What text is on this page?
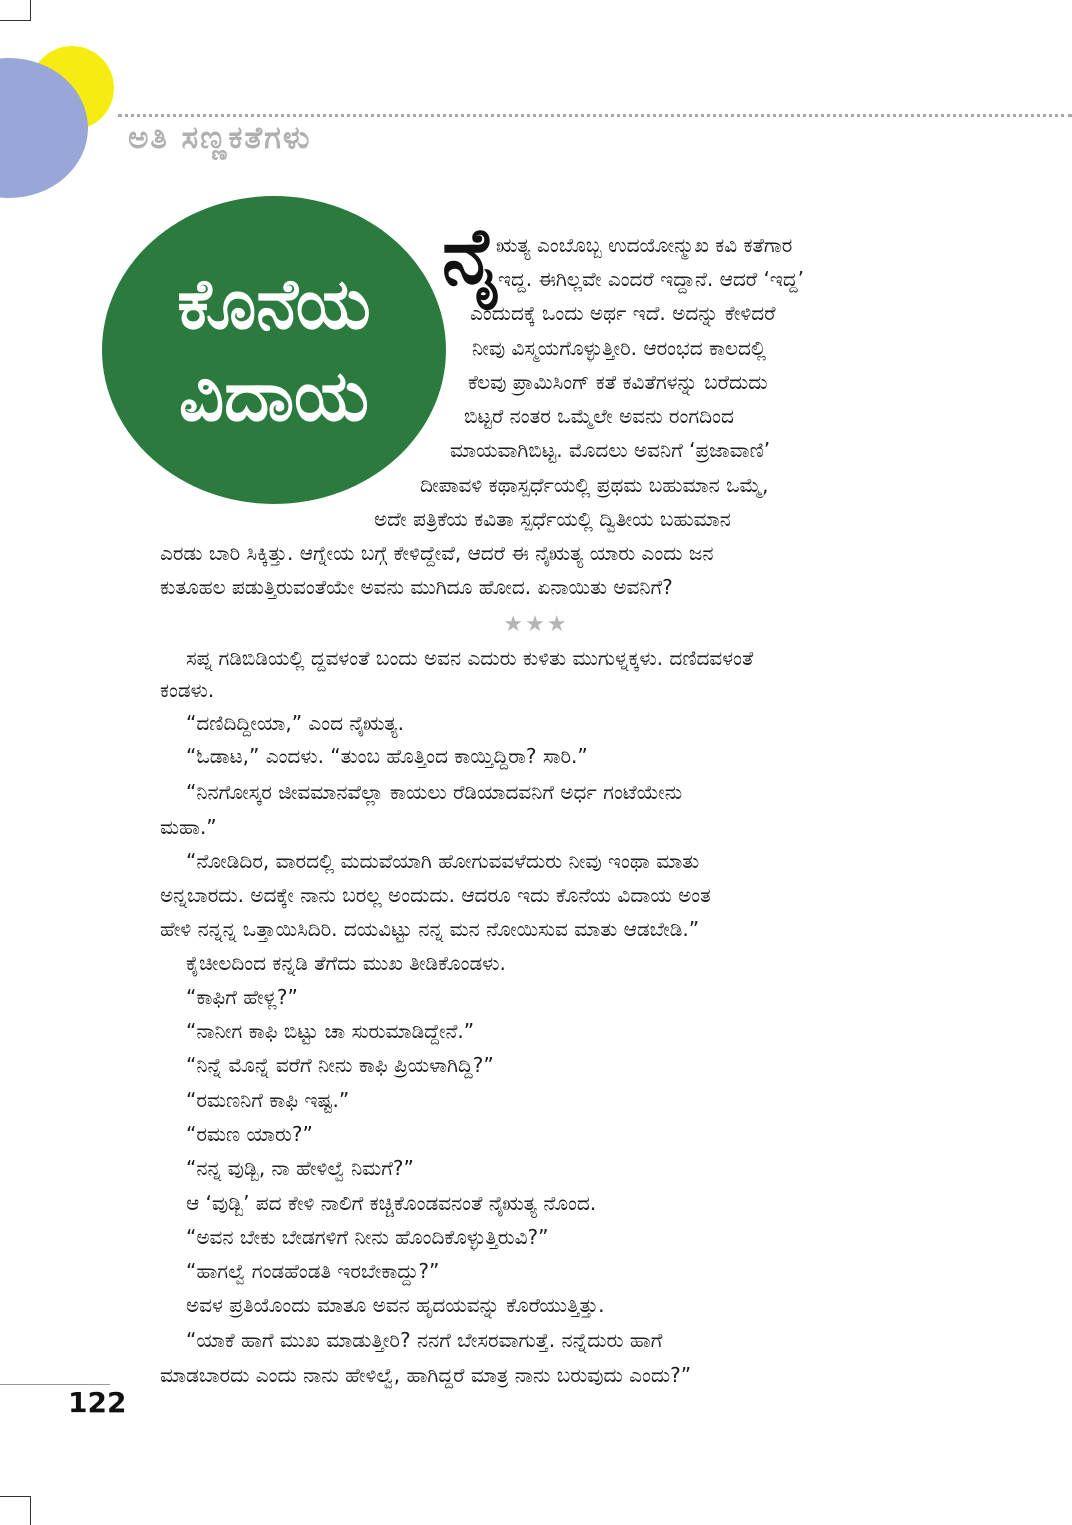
ಅತಿ ಸಣ್ಣಕತೆಗಳು
ಕೊನೆಯ
ವಿದಾಯ
ನೈ
ಋತ್ಯ ಎಂಬೊಬ್ಬ ಉದಯೋನ್ಮುಖ ಕವಿ ಕತೆಗಾರ
ಇದ್ದ. ಈಗಿಲ್ಲವೇ ಎಂದರೆ ಇದ್ದಾನೆ. ಆದರೆ ‘ಇದ್ದ’
ಎಂದುದಕ್ಕೆ ಒಂದು ಅರ್ಥ ಇದೆ. ಅದನ್ನು ಕೇಳಿದರೆ
ನೀವು ವಿಸ್ಮಯಗೊಳ್ಳುತ್ತೀರಿ. ಆರಂಭದ ಕಾಲದಲ್ಲಿ
ಕೆಲವು ಪ್ರಾಮಿಸಿಂಗ್ ಕತೆ ಕವಿತೆಗಳನ್ನು ಬರೆದುದು
ಬಿಟ್ಟರೆ ನಂತರ ಒಮ್ಮೆಲೇ ಅವನು ರಂಗದಿಂದ
ಮಾಯವಾಗಿಬಿಟ್ಟ. ಮೊದಲು ಅವನಿಗೆ ‘ಪ್ರಜಾವಾಣಿ’
ದೀಪಾವಳಿ ಕಥಾಸ್ಪರ್ಧೆಯಲ್ಲಿ ಪ್ರಥಮ ಬಹುಮಾನ ಒಮ್ಮೆ,
ಅದೇ ಪತ್ರಿಕೆಯ ಕವಿತಾ ಸ್ಪರ್ಧೆಯಲ್ಲಿ ದ್ವಿತೀಯ ಬಹುಮಾನ
ಎರಡು ಬಾರಿ ಸಿಕ್ಕಿತ್ತು. ಆಗ್ನೇಯ ಬಗ್ಗೆ ಕೇಳಿದ್ದೇವೆ, ಆದರೆ ಈ ನೈಋತ್ಯ ಯಾರು ಎಂದು ಜನ
ಕುತೂಹಲ ಪಡುತ್ತಿರುವಂತೆಯೇ ಅವನು ಮುಗಿದೂ ಹೋದ. ಏನಾಯಿತು ಅವನಿಗೆ?
★★★
ಸಪ್ನ ಗಡಿಬಿಡಿಯಲ್ಲಿ ದ್ದವಳಂತೆ ಬಂದು ಅವನ ಎದುರು ಕುಳಿತು ಮುಗುಳ್ನಕ್ಕಳು. ದಣಿದವಳಂತೆ
ಕಂಡಳು.
“ದಣಿದಿದ್ದೀಯಾ,” ಎಂದ ನೈಋತ್ಯ.
“ಓಡಾಟ,” ಎಂದಳು. “ತುಂಬ ಹೊತ್ತಿಂದ ಕಾಯ್ತಿದ್ದಿರಾ? ಸಾರಿ.”
“ನಿನಗೋಸ್ಕರ ಜೀವಮಾನವೆಲ್ಲಾ ಕಾಯಲು ರೆಡಿಯಾದವನಿಗೆ ಅರ್ಧ ಗಂಟೆಯೇನು
ಮಹಾ.”
“ನೋಡಿದಿರ, ವಾರದಲ್ಲಿ ಮದುವೆಯಾಗಿ ಹೋಗುವವಳೆದುರು ನೀವು ಇಂಥಾ ಮಾತು
ಅನ್ನಬಾರದು. ಅದಕ್ಕೇ ನಾನು ಬರಲ್ಲ ಅಂದುದು. ಆದರೂ ಇದು ಕೊನೆಯ ವಿದಾಯ ಅಂತ
ಹೇಳಿ ನನ್ನನ್ನ ಒತ್ತಾಯಿಸಿದಿರಿ. ದಯವಿಟ್ಟು ನನ್ನ ಮನ ನೋಯಿಸುವ ಮಾತು ಆಡಬೇಡಿ.”
ಕೈಚೀಲದಿಂದ ಕನ್ನಡಿ ತೆಗೆದು ಮುಖ ತೀಡಿಕೊಂಡಳು.
“ಕಾಫಿಗೆ ಹೇಳ್ಲ?”
“ನಾನೀಗ ಕಾಫಿ ಬಿಟ್ಟು ಚಾ ಸುರುಮಾಡಿದ್ದೇನೆ.”
“ನಿನ್ನೆ ಮೊನ್ನೆ ವರೆಗೆ ನೀನು ಕಾಫಿ ಪ್ರಿಯಳಾಗಿದ್ದಿ?”
“ರಮಣನಿಗೆ ಕಾಫಿ ಇಷ್ಟ.”
“ರಮಣ ಯಾರು?”
“ನನ್ನ ವುಡ್ಬಿ, ನಾ ಹೇಳಿಲ್ವೆ ನಿಮಗೆ?”
ಆ ‘ವುಡ್ಬಿ’ ಪದ ಕೇಳಿ ನಾಲಿಗೆ ಕಚ್ಚಿಕೊಂಡವನಂತೆ ನೈಋತ್ಯ ನೊಂದ.
“ಅವನ ಬೇಕು ಬೇಡಗಳಿಗೆ ನೀನು ಹೊಂದಿಕೊಳ್ಳುತ್ತಿರುವಿ?”
“ಹಾಗಲ್ವೆ ಗಂಡಹೆಂಡತಿ ಇರಬೇಕಾದ್ದು?”
ಅವಳ ಪ್ರತಿಯೊಂದು ಮಾತೂ ಅವನ ಹೃದಯವನ್ನು ಕೊರೆಯುತ್ತಿತ್ತು.
“ಯಾಕೆ ಹಾಗೆ ಮುಖ ಮಾಡುತ್ತೀರಿ? ನನಗೆ ಬೇಸರವಾಗುತ್ತೆ. ನನ್ನೆದುರು ಹಾಗೆ
ಮಾಡಬಾರದು ಎಂದು ನಾನು ಹೇಳಿಲ್ವೆ, ಹಾಗಿದ್ದರೆ ಮಾತ್ರ ನಾನು ಬರುವುದು ಎಂದು?”
122
